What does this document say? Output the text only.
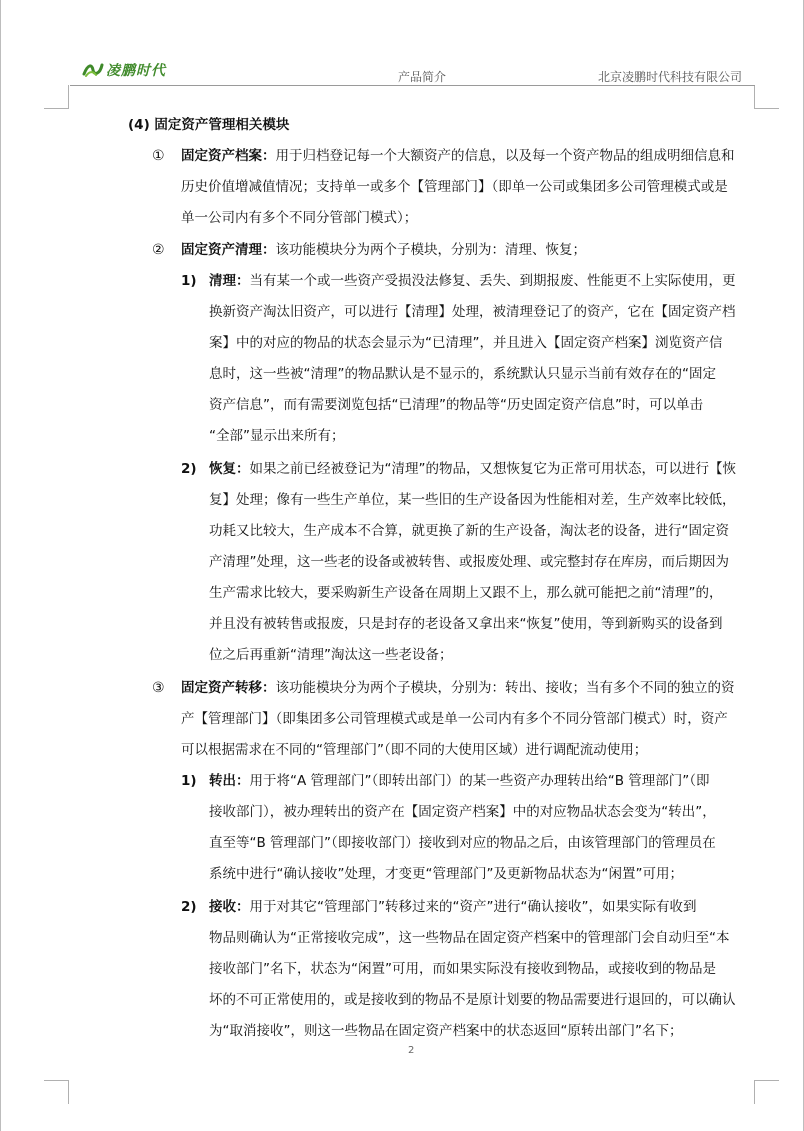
凌鹏时代	产品简介	北京凌鹏时代科技有限公司
(4) 固定资产管理相关模块
① 固定资产档案：用于归档登记每一个大额资产的信息，以及每一个资产物品的组成明细信息和
历史价值增减值情况；支持单一或多个【管理部门】（即单一公司或集团多公司管理模式或是
单一公司内有多个不同分管部门模式）；
② 固定资产清理：该功能模块分为两个子模块，分别为：清理、恢复；
1) 清理：当有某一个或一些资产受损没法修复、丢失、到期报废、性能更不上实际使用，更
换新资产淘汰旧资产，可以进行【清理】处理，被清理登记了的资产，它在【固定资产档
案】中的对应的物品的状态会显示为“已清理”，并且进入【固定资产档案】浏览资产信
息时，这一些被“清理”的物品默认是不显示的，系统默认只显示当前有效存在的“固定
资产信息”，而有需要浏览包括“已清理”的物品等“历史固定资产信息”时，可以单击
“全部”显示出来所有；
2) 恢复：如果之前已经被登记为“清理”的物品，又想恢复它为正常可用状态，可以进行【恢
复】处理；像有一些生产单位，某一些旧的生产设备因为性能相对差，生产效率比较低，
功耗又比较大，生产成本不合算，就更换了新的生产设备，淘汰老的设备，进行“固定资
产清理”处理，这一些老的设备或被转售、或报废处理、或完整封存在库房，而后期因为
生产需求比较大，要采购新生产设备在周期上又跟不上，那么就可能把之前“清理”的，
并且没有被转售或报废，只是封存的老设备又拿出来“恢复”使用，等到新购买的设备到
位之后再重新“清理”淘汰这一些老设备；
③ 固定资产转移：该功能模块分为两个子模块，分别为：转出、接收；当有多个不同的独立的资
产【管理部门】（即集团多公司管理模式或是单一公司内有多个不同分管部门模式）时，资产
可以根据需求在不同的“管理部门”（即不同的大使用区域）进行调配流动使用；
1) 转出：用于将“A 管理部门”（即转出部门）的某一些资产办理转出给“B 管理部门”（即
接收部门），被办理转出的资产在【固定资产档案】中的对应物品状态会变为“转出”，
直至等“B 管理部门”（即接收部门）接收到对应的物品之后，由该管理部门的管理员在
系统中进行“确认接收”处理，才变更“管理部门”及更新物品状态为“闲置”可用；
2) 接收：用于对其它“管理部门”转移过来的“资产”进行“确认接收”，如果实际有收到
物品则确认为“正常接收完成”，这一些物品在固定资产档案中的管理部门会自动归至“本
接收部门”名下，状态为“闲置”可用，而如果实际没有接收到物品，或接收到的物品是
坏的不可正常使用的，或是接收到的物品不是原计划要的物品需要进行退回的，可以确认
为“取消接收”，则这一些物品在固定资产档案中的状态返回“原转出部门”名下；
2
